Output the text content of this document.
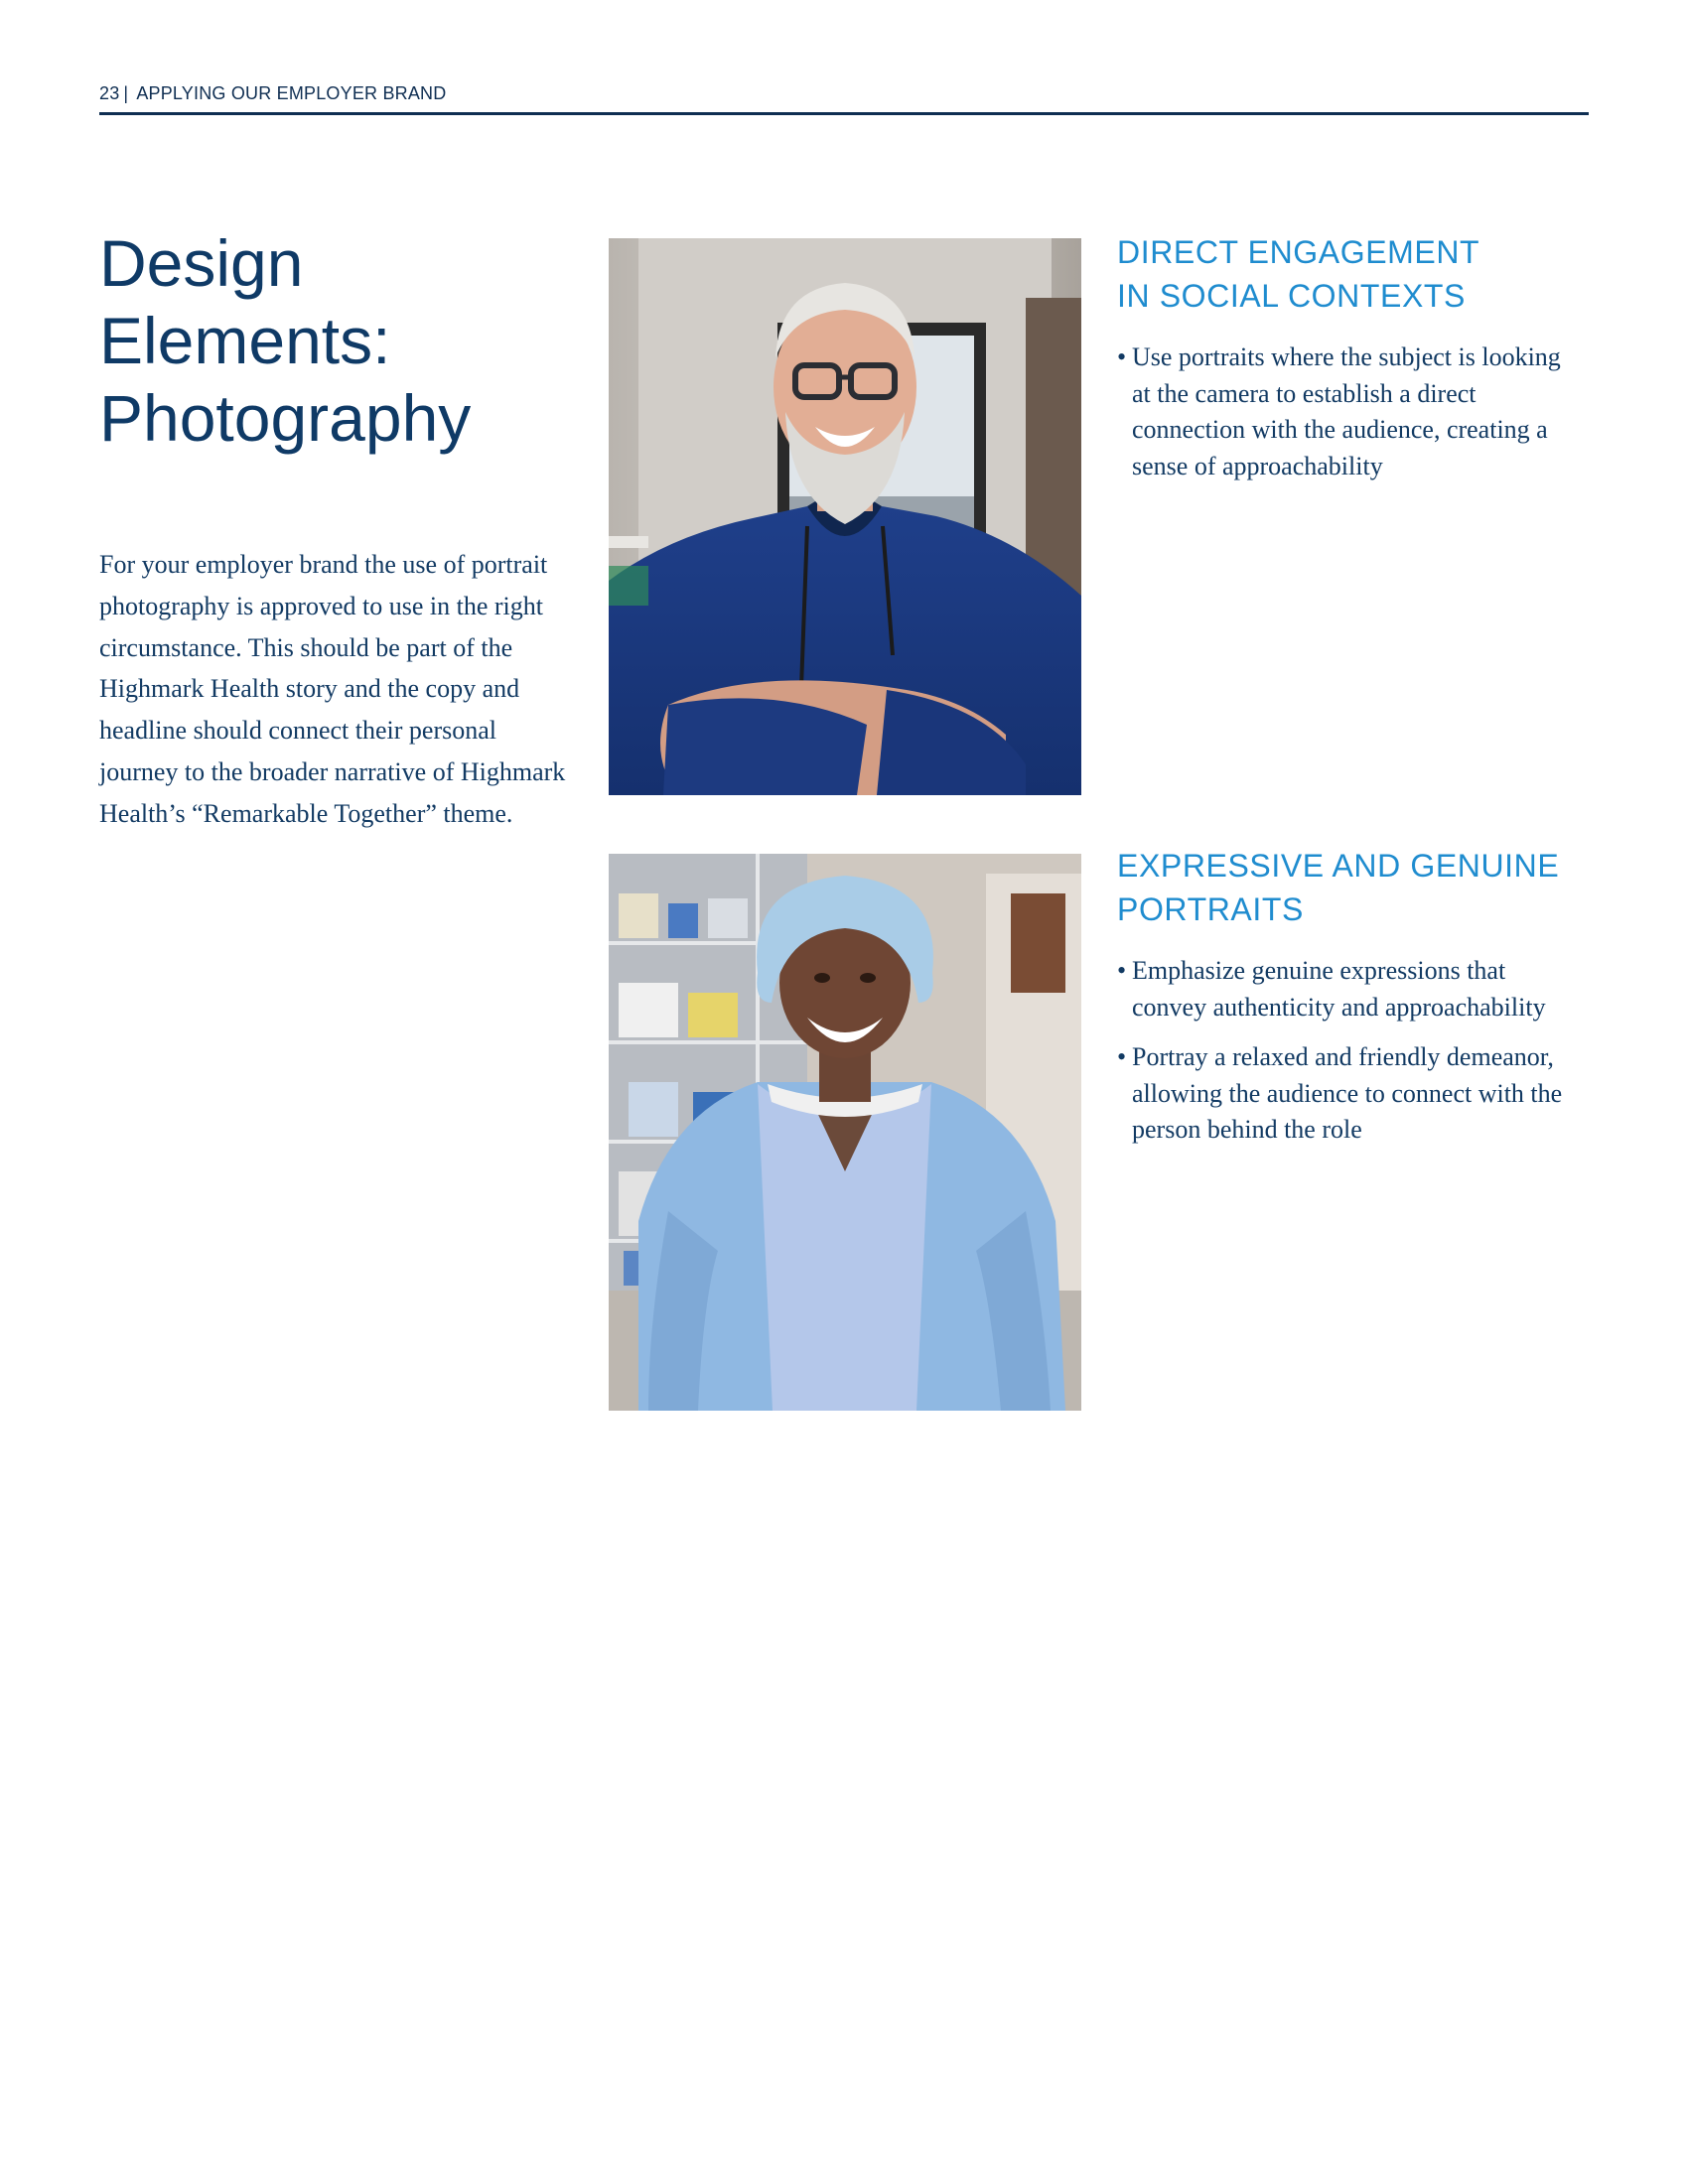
23 | APPLYING OUR EMPLOYER BRAND
Design
Elements:
Photography

For your employer brand the use of portrait photography is approved to use in the right circumstance. This should be part of the Highmark Health story and the copy and headline should connect their personal journey to the broader narrative of Highmark Health’s “Remarkable Together” theme.

DIRECT ENGAGEMENT
IN SOCIAL CONTEXTS
• Use portraits where the subject is looking at the camera to establish a direct connection with the audience, creating a sense of approachability
EXPRESSIVE AND GENUINE
PORTRAITS
• Emphasize genuine expressions that convey authenticity and approachability
• Portray a relaxed and friendly demeanor, allowing the audience to connect with the person behind the role
